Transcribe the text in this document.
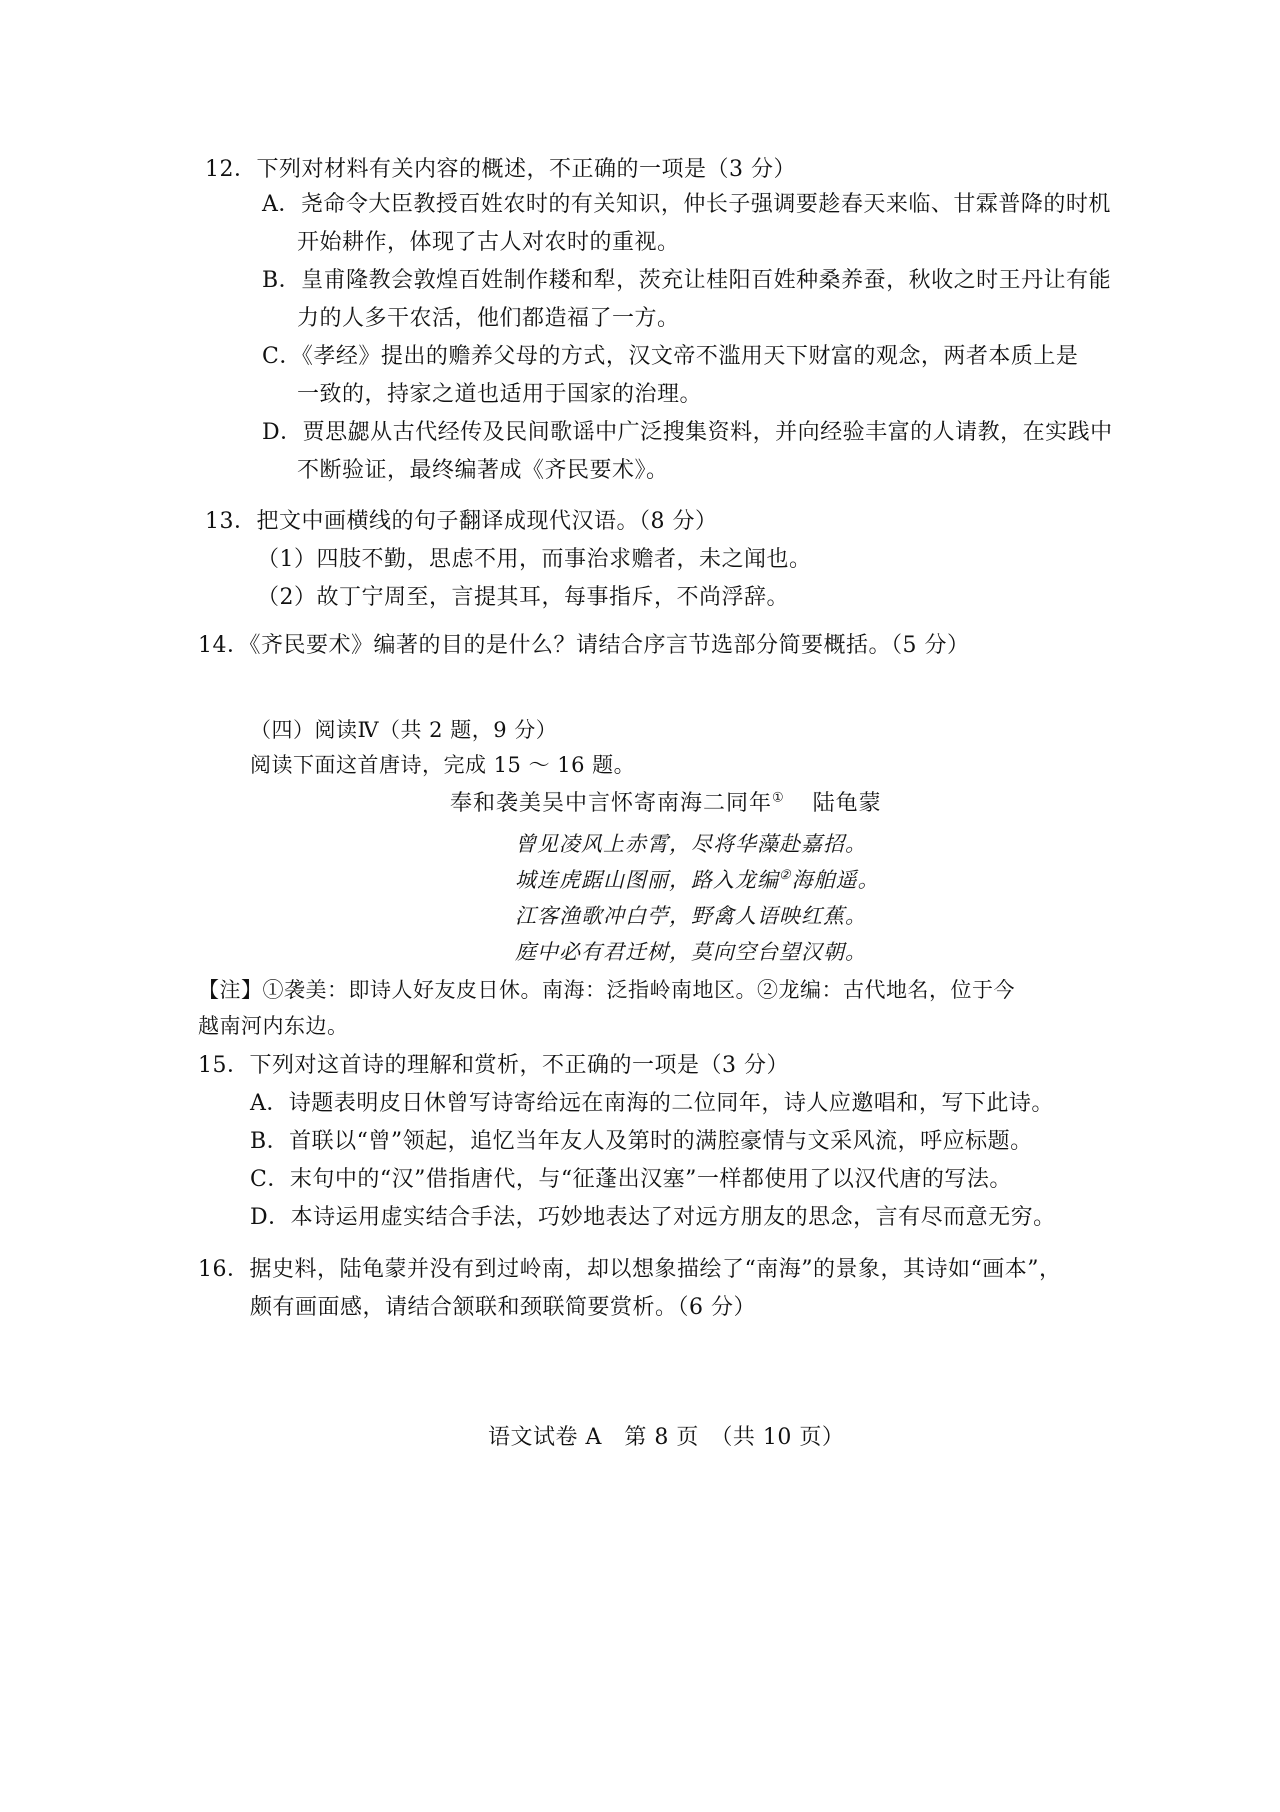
12．下列对材料有关内容的概述，不正确的一项是（3 分）
A．尧命令大臣教授百姓农时的有关知识，仲长子强调要趁春天来临、甘霖普降的时机
开始耕作，体现了古人对农时的重视。
B．皇甫隆教会敦煌百姓制作耧和犁，茨充让桂阳百姓种桑养蚕，秋收之时王丹让有能
力的人多干农活，他们都造福了一方。
C．《孝经》提出的赡养父母的方式，汉文帝不滥用天下财富的观念，两者本质上是
一致的，持家之道也适用于国家的治理。
D．贾思勰从古代经传及民间歌谣中广泛搜集资料，并向经验丰富的人请教，在实践中
不断验证，最终编著成《齐民要术》。
13．把文中画横线的句子翻译成现代汉语。（8 分）
（1）四肢不勤，思虑不用，而事治求赡者，未之闻也。
（2）故丁宁周至，言提其耳，每事指斥，不尚浮辞。
14．《齐民要术》编著的目的是什么？请结合序言节选部分简要概括。（5 分）
（四）阅读Ⅳ（共 2 题，9 分）
阅读下面这首唐诗，完成 15 ～ 16 题。
奉和袭美吴中言怀寄南海二同年① 陆龟蒙
曾见凌风上赤霄，尽将华藻赴嘉招。
城连虎踞山图丽，路入龙编②海舶遥。
江客渔歌冲白苧，野禽人语映红蕉。
庭中必有君迁树，莫向空台望汉朝。
【注】①袭美：即诗人好友皮日休。南海：泛指岭南地区。②龙编：古代地名，位于今
越南河内东边。
15．下列对这首诗的理解和赏析，不正确的一项是（3 分）
A．诗题表明皮日休曾写诗寄给远在南海的二位同年，诗人应邀唱和，写下此诗。
B．首联以“曾”领起，追忆当年友人及第时的满腔豪情与文采风流，呼应标题。
C．末句中的“汉”借指唐代，与“征蓬出汉塞”一样都使用了以汉代唐的写法。
D．本诗运用虚实结合手法，巧妙地表达了对远方朋友的思念，言有尽而意无穷。
16．据史料，陆龟蒙并没有到过岭南，却以想象描绘了“南海”的景象，其诗如“画本”，
颇有画面感，请结合颔联和颈联简要赏析。（6 分）
语文试卷 A　第 8 页　（共 10 页）
